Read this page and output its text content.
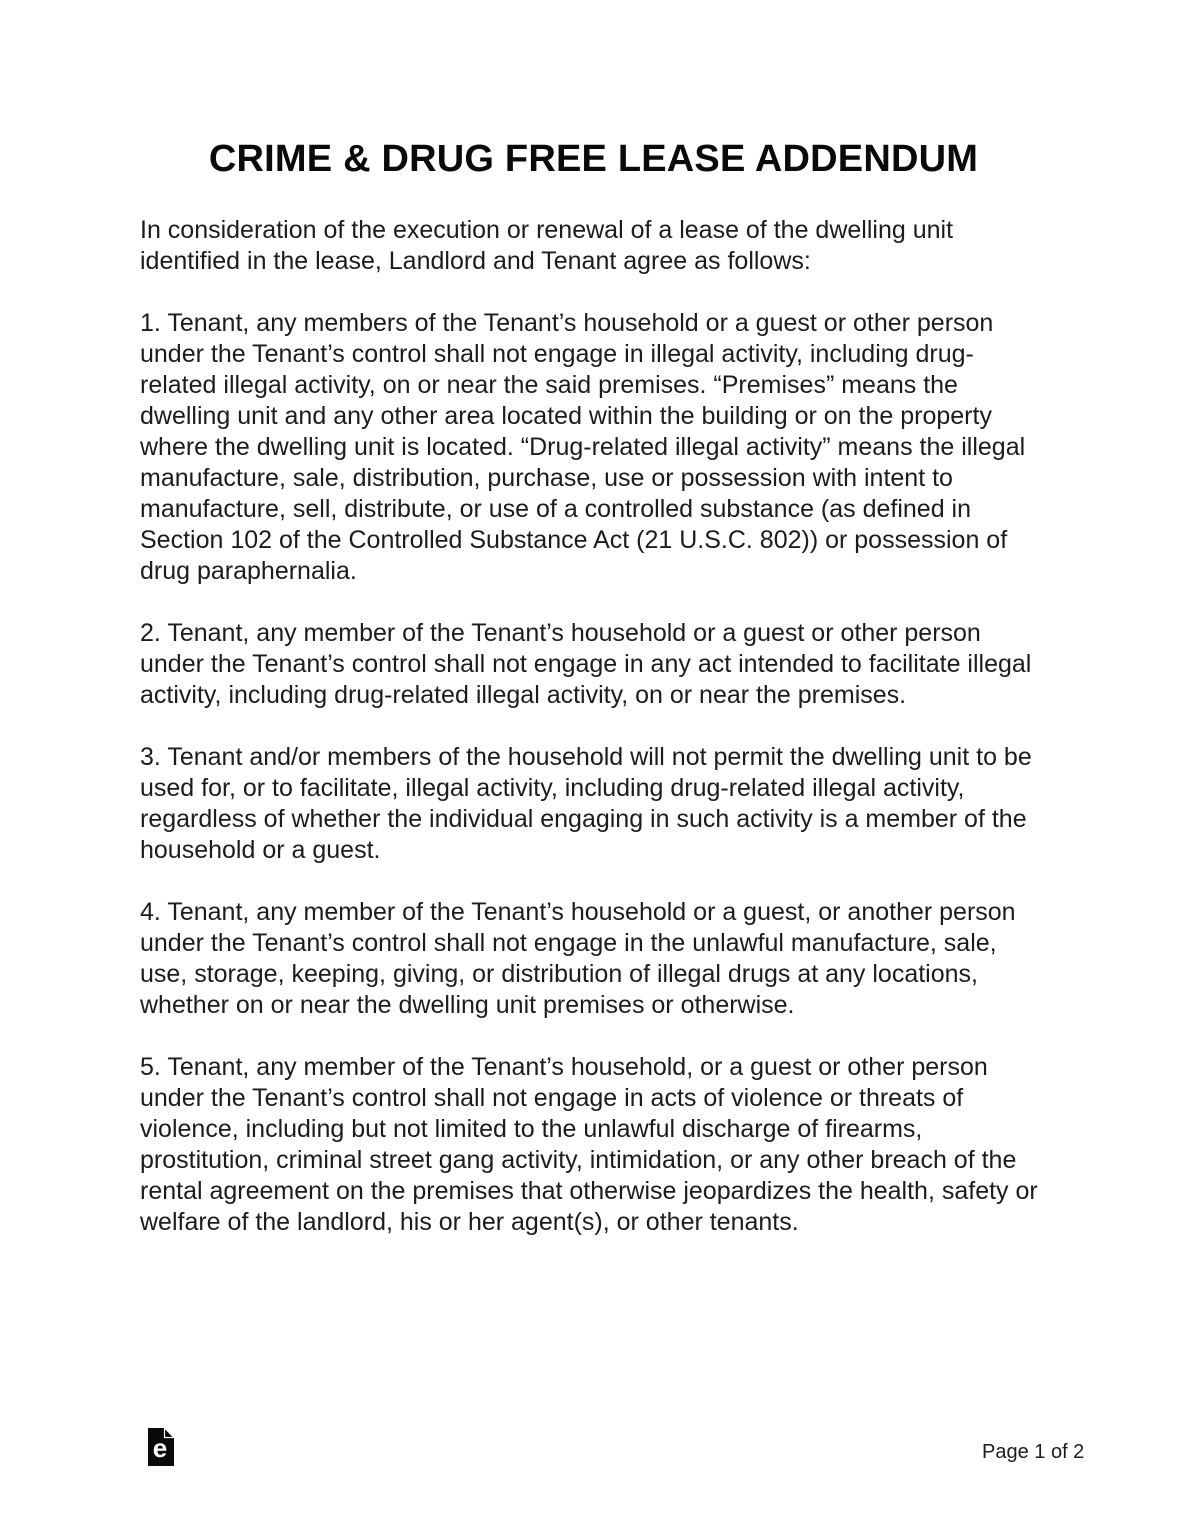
CRIME & DRUG FREE LEASE ADDENDUM

In consideration of the execution or renewal of a lease of the dwelling unit identified in the lease, Landlord and Tenant agree as follows:

1. Tenant, any members of the Tenant’s household or a guest or other person under the Tenant’s control shall not engage in illegal activity, including drug-related illegal activity, on or near the said premises. “Premises” means the dwelling unit and any other area located within the building or on the property where the dwelling unit is located. “Drug-related illegal activity” means the illegal manufacture, sale, distribution, purchase, use or possession with intent to manufacture, sell, distribute, or use of a controlled substance (as defined in Section 102 of the Controlled Substance Act (21 U.S.C. 802)) or possession of drug paraphernalia.

2. Tenant, any member of the Tenant’s household or a guest or other person under the Tenant’s control shall not engage in any act intended to facilitate illegal activity, including drug-related illegal activity, on or near the premises.

3. Tenant and/or members of the household will not permit the dwelling unit to be used for, or to facilitate, illegal activity, including drug-related illegal activity, regardless of whether the individual engaging in such activity is a member of the household or a guest.

4. Tenant, any member of the Tenant’s household or a guest, or another person under the Tenant’s control shall not engage in the unlawful manufacture, sale, use, storage, keeping, giving, or distribution of illegal drugs at any locations, whether on or near the dwelling unit premises or otherwise.

5. Tenant, any member of the Tenant’s household, or a guest or other person under the Tenant’s control shall not engage in acts of violence or threats of violence, including but not limited to the unlawful discharge of firearms, prostitution, criminal street gang activity, intimidation, or any other breach of the rental agreement on the premises that otherwise jeopardizes the health, safety or welfare of the landlord, his or her agent(s), or other tenants.

e	Page 1 of 2
